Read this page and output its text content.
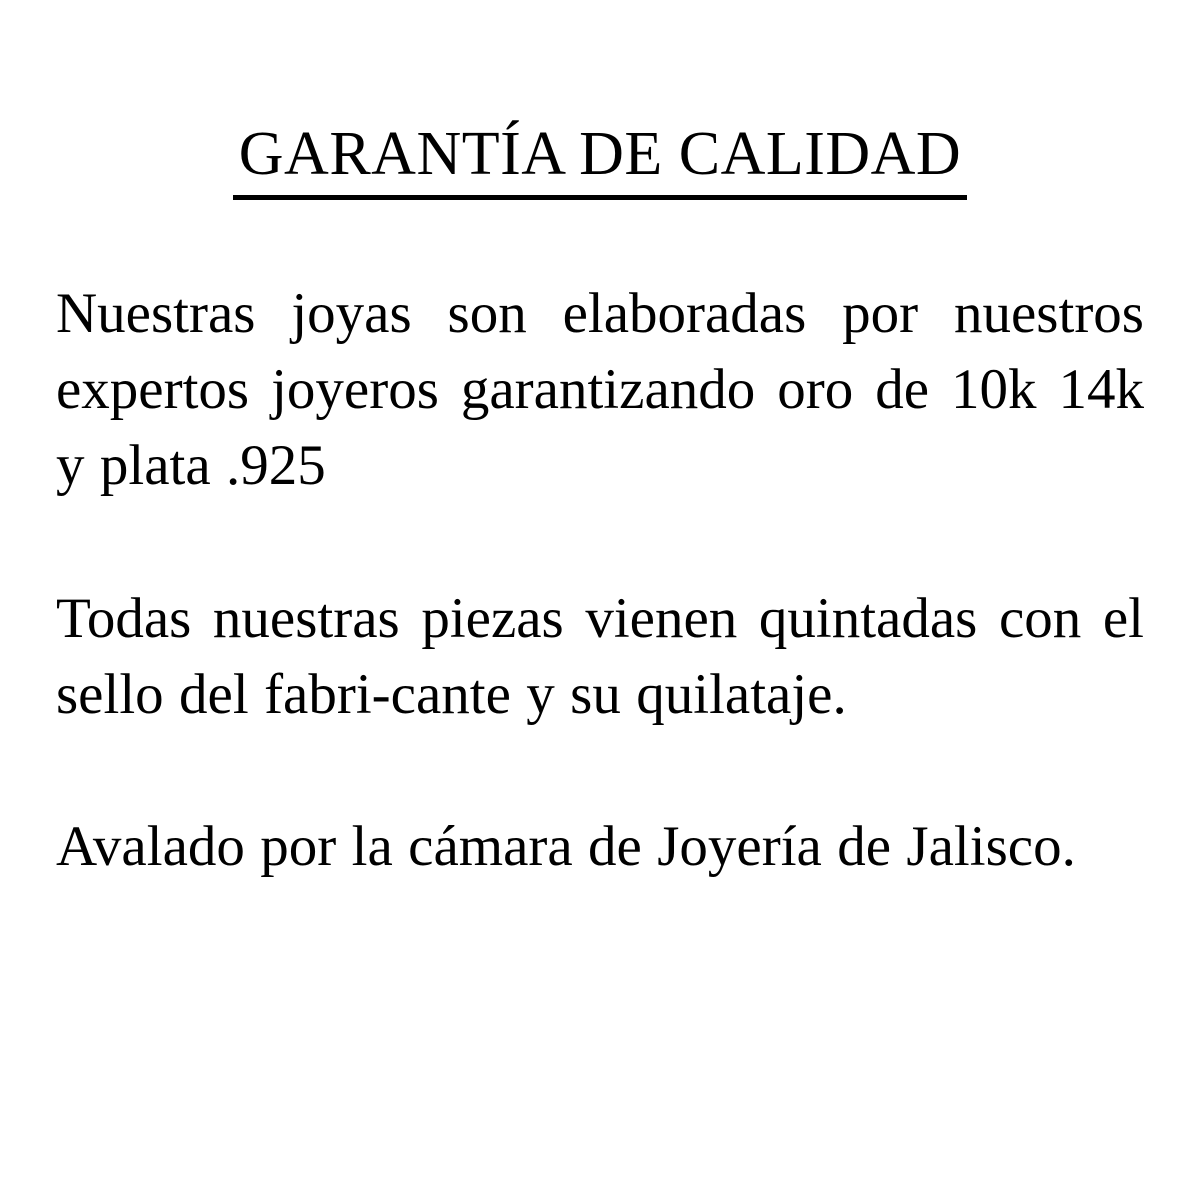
GARANTÍA DE CALIDAD

Nuestras joyas son elaboradas por nuestros expertos joyeros garantizando oro de 10k 14k y plata .925

Todas nuestras piezas vienen quintadas con el sello del fabri-cante y su quilataje.

Avalado por la cámara de Joyería de Jalisco.
